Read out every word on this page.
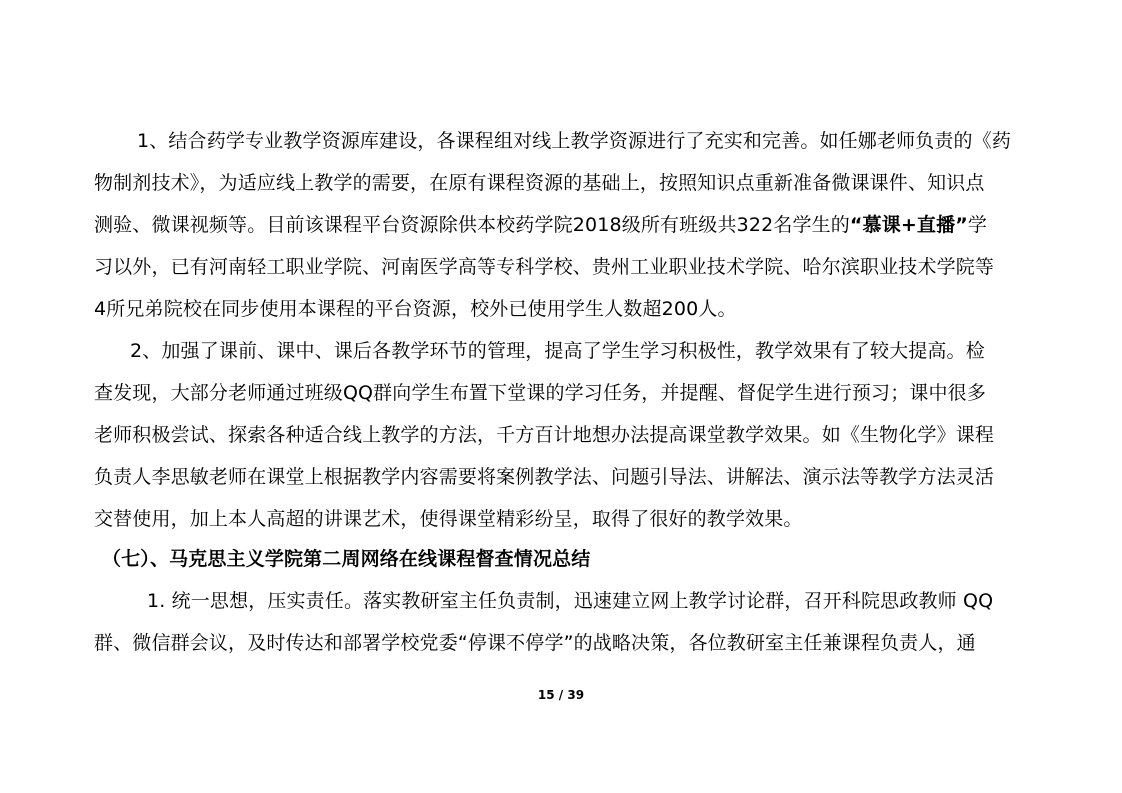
1、结合药学专业教学资源库建设，各课程组对线上教学资源进行了充实和完善。如任娜老师负责的《药
物制剂技术》，为适应线上教学的需要，在原有课程资源的基础上，按照知识点重新准备微课课件、知识点
测验、微课视频等。目前该课程平台资源除供本校药学院2018级所有班级共322名学生的“慕课+直播”学
习以外，已有河南轻工职业学院、河南医学高等专科学校、贵州工业职业技术学院、哈尔滨职业技术学院等
4所兄弟院校在同步使用本课程的平台资源，校外已使用学生人数超200人。
2、加强了课前、课中、课后各教学环节的管理，提高了学生学习积极性，教学效果有了较大提高。检
查发现，大部分老师通过班级QQ群向学生布置下堂课的学习任务，并提醒、督促学生进行预习；课中很多
老师积极尝试、探索各种适合线上教学的方法，千方百计地想办法提高课堂教学效果。如《生物化学》课程
负责人李思敏老师在课堂上根据教学内容需要将案例教学法、问题引导法、讲解法、演示法等教学方法灵活
交替使用，加上本人高超的讲课艺术，使得课堂精彩纷呈，取得了很好的教学效果。
（七）、马克思主义学院第二周网络在线课程督查情况总结
1. 统一思想，压实责任。落实教研室主任负责制，迅速建立网上教学讨论群，召开科院思政教师 QQ
群、微信群会议，及时传达和部署学校党委“停课不停学”的战略决策，各位教研室主任兼课程负责人，通
15 / 39
